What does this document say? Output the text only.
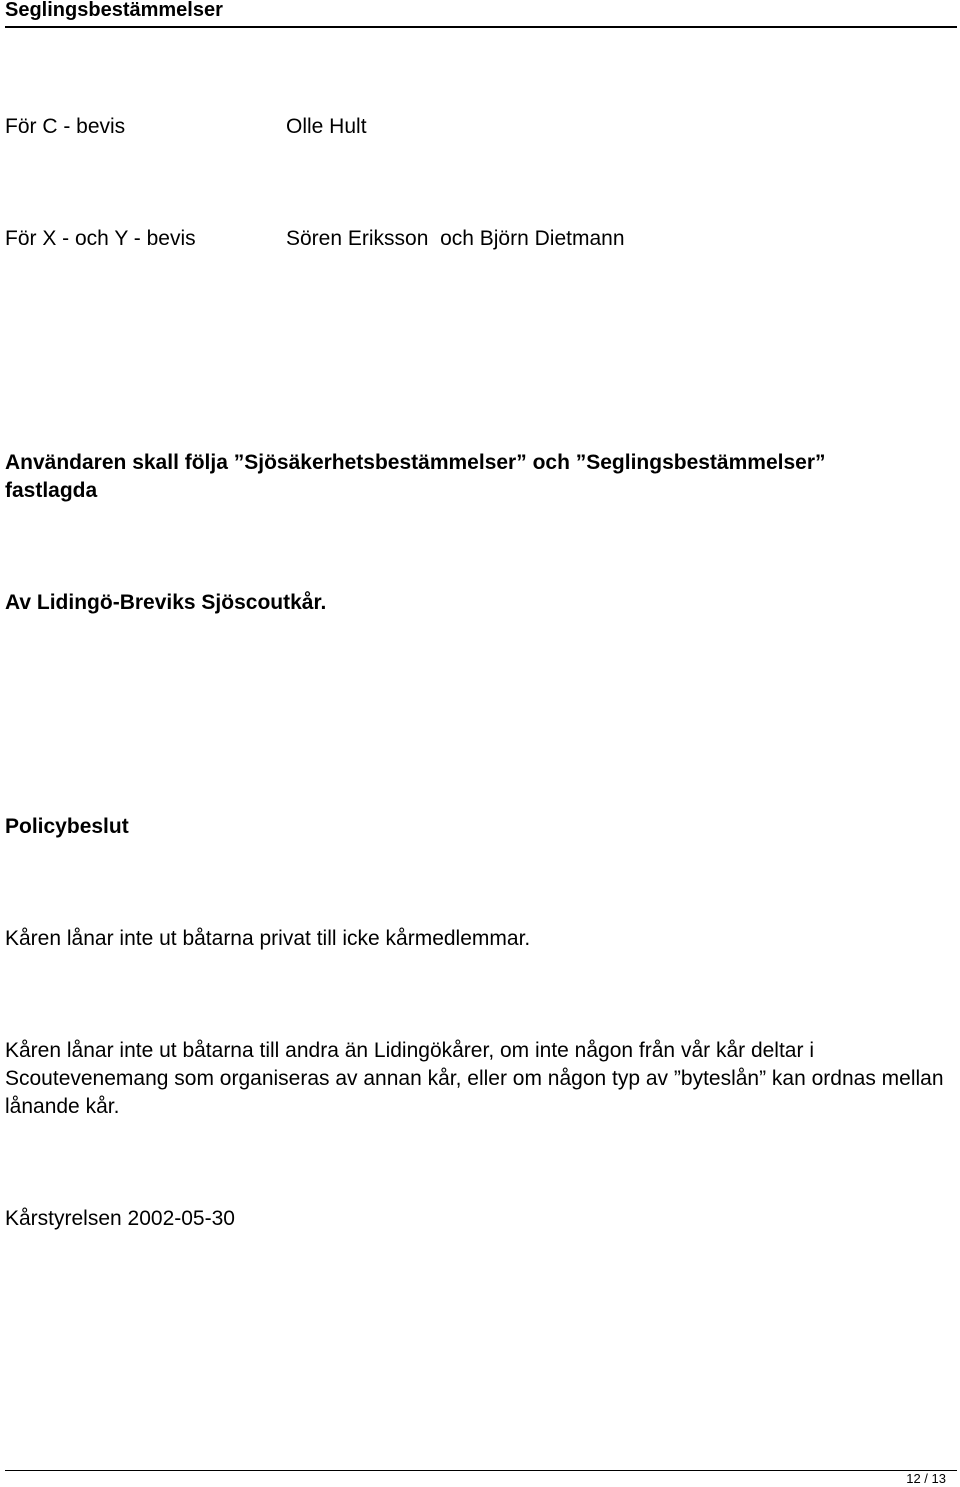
Seglingsbestämmelser
För C - bevis	Olle Hult
För X - och Y - bevis	Sören Eriksson  och Björn Dietmann
Användaren skall följa ”Sjösäkerhetsbestämmelser” och ”Seglingsbestämmelser” fastlagda
Av Lidingö-Breviks Sjöscoutkår.
Policybeslut
Kåren lånar inte ut båtarna privat till icke kårmedlemmar.
Kåren lånar inte ut båtarna till andra än Lidingökårer, om inte någon från vår kår deltar i Scoutevenemang som organiseras av annan kår, eller om någon typ av ”byteslån” kan ordnas mellan lånande kår.
Kårstyrelsen 2002-05-30
12 / 13
